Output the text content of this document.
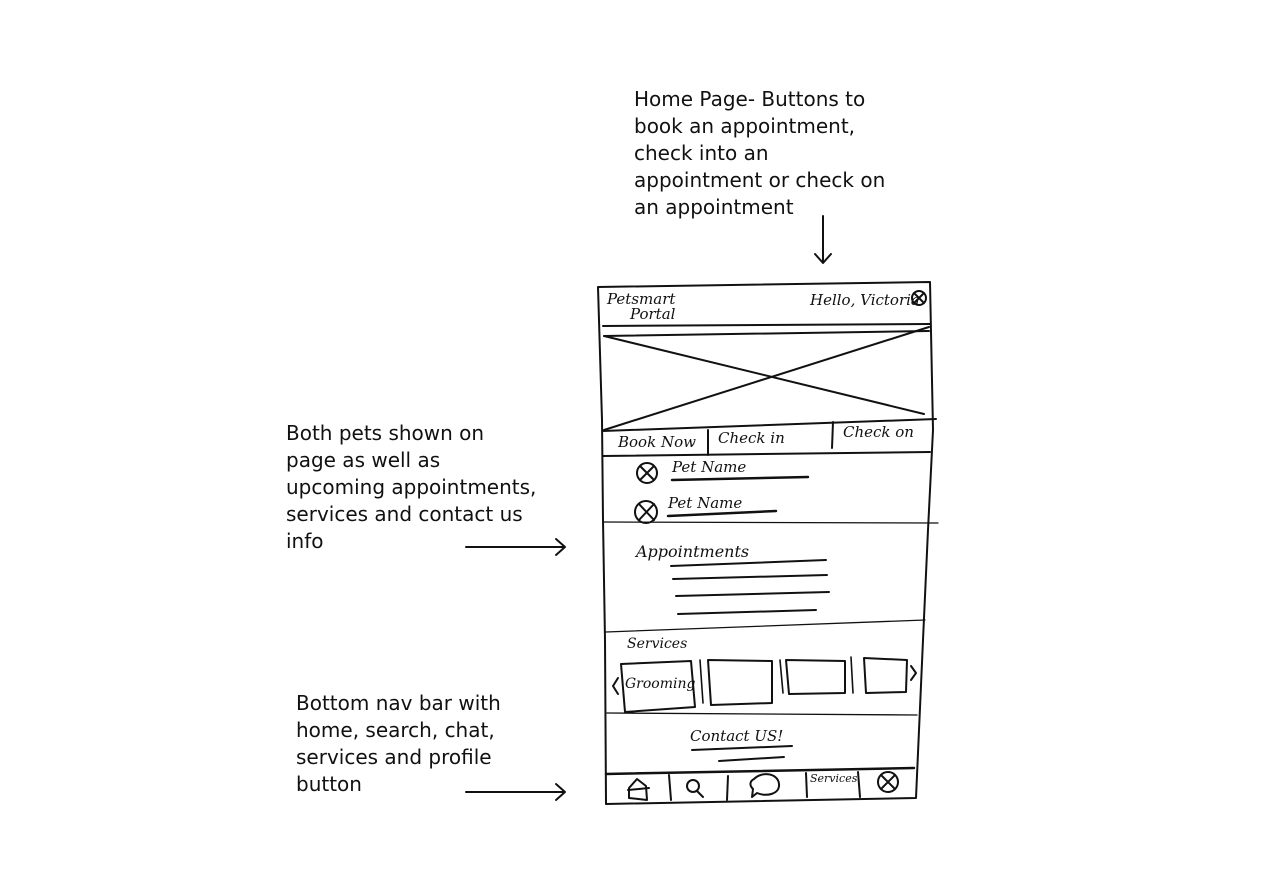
Home Page- Buttons to
book an appointment,
check into an
appointment or check on
an appointment
Both pets shown on
page as well as
upcoming appointments,
services and contact us
info
Bottom nav bar with
home, search, chat,
services and profile
button
Petsmart
Portal
Hello, Victoria
Book Now Check in	Check on
Pet Name
Pet Name
Appointments
Services
Grooming
Contact US!
Services
